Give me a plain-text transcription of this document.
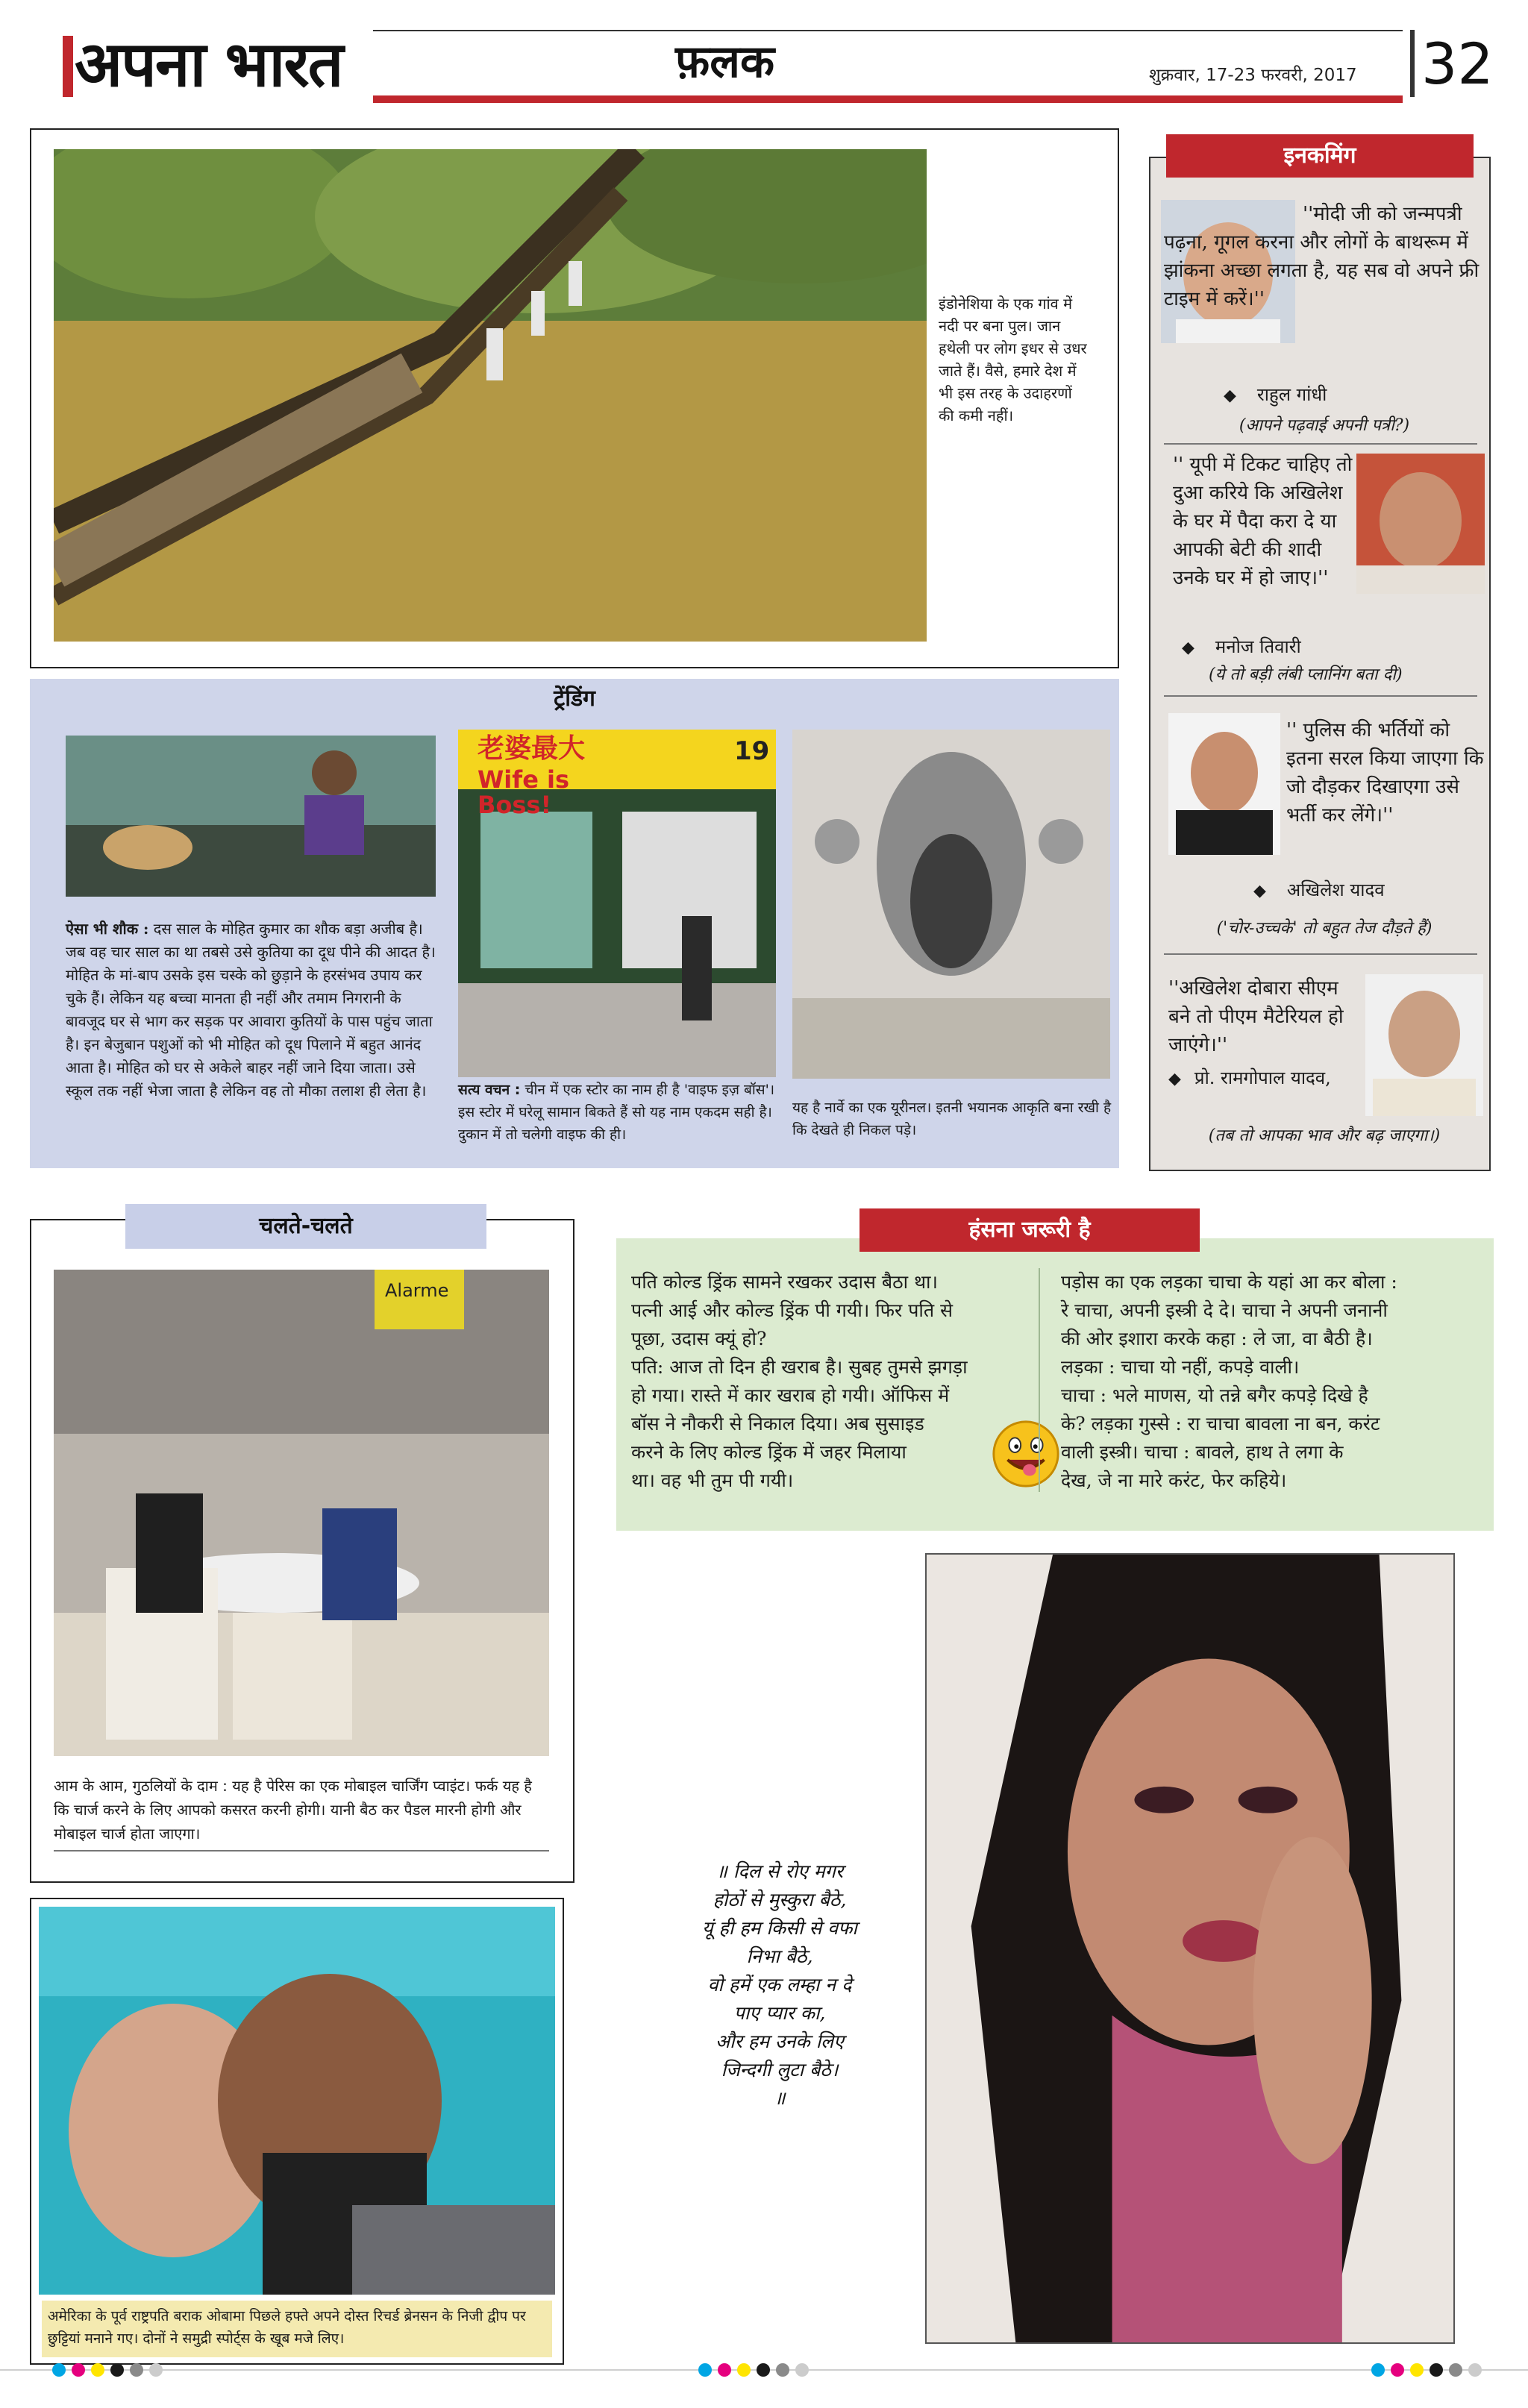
अपना भारत	फ़लक	शुक्रवार, 17-23 फरवरी, 2017 32
इंडोनेशिया के एक गांव में नदी पर बना पुल। जान हथेली पर लोग इधर से उधर जाते हैं। वैसे, हमारे देश में भी इस तरह के उदाहरणों की कमी नहीं।
ट्रेंडिंग
ऐसा भी शौक : दस साल के मोहित कुमार का शौक बड़ा अजीब है। जब वह चार साल का था तबसे उसे कुतिया का दूध पीने की आदत है। मोहित के मां-बाप उसके इस चस्के को छुड़ाने के हरसंभव उपाय कर चुके हैं। लेकिन यह बच्चा मानता ही नहीं और तमाम निगरानी के बावजूद घर से भाग कर सड़क पर आवारा कुतियों के पास पहुंच जाता है। इन बेजुबान पशुओं को भी मोहित को दूध पिलाने में बहुत आनंद आता है। मोहित को घर से अकेले बाहर नहीं जाने दिया जाता। उसे स्कूल तक नहीं भेजा जाता है लेकिन वह तो मौका तलाश ही लेता है।
老婆最大
Wife is Boss!
19
सत्य वचन : चीन में एक स्टोर का नाम ही है 'वाइफ इज़ बॉस'। इस स्टोर में घरेलू सामान बिकते हैं सो यह नाम एकदम सही है। दुकान में तो चलेगी वाइफ की ही।
यह है नार्वे का एक यूरीनल। इतनी भयानक आकृति बना रखी है कि देखते ही निकल पड़े।
इनकमिंग
''मोदी जी को जन्मपत्री पढ़ना, गूगल करना और लोगों के बाथरूम में झांकना अच्छा लगता है, यह सब वो अपने फ्री टाइम में करें।''
◆ राहुल गांधी
(आपने पढ़वाई अपनी पत्री?)
'' यूपी में टिकट चाहिए तो दुआ करिये कि अखिलेश के घर में पैदा करा दे या आपकी बेटी की शादी उनके घर में हो जाए।''
◆ मनोज तिवारी
(ये तो बड़ी लंबी प्लानिंग बता दी)
'' पुलिस की भर्तियों को इतना सरल किया जाएगा कि जो दौड़कर दिखाएगा उसे भर्ती कर लेंगे।''
◆ अखिलेश यादव
('चोर-उच्चके' तो बहुत तेज दौड़ते हैं)
''अखिलेश दोबारा सीएम बने तो पीएम मैटेरियल हो जाएंगे।''
◆ प्रो. रामगोपाल यादव,
(तब तो आपका भाव और बढ़ जाएगा।)
चलते-चलते
Alarme
आम के आम, गुठलियों के दाम : यह है पेरिस का एक मोबाइल चार्जिंग प्वाइंट। फर्क यह है कि चार्ज करने के लिए आपको कसरत करनी होगी। यानी बैठ कर पैडल मारनी होगी और मोबाइल चार्ज होता जाएगा।
अमेरिका के पूर्व राष्ट्रपति बराक ओबामा पिछले हफ्ते अपने दोस्त रिचर्ड ब्रेनसन के निजी द्वीप पर छुट्टियां मनाने गए। दोनों ने समुद्री स्पोर्ट्स के खूब मजे लिए।
हंसना जरूरी है
पति कोल्ड ड्रिंक सामने रखकर उदास बैठा था।
पत्नी आई और कोल्ड ड्रिंक पी गयी। फिर पति से
पूछा, उदास क्यूं हो?
पति: आज तो दिन ही खराब है। सुबह तुमसे झगड़ा
हो गया। रास्ते में कार खराब हो गयी। ऑफिस में
बॉस ने नौकरी से निकाल दिया। अब सुसाइड
करने के लिए कोल्ड ड्रिंक में जहर मिलाया
था। वह भी तुम पी गयी।
पड़ोस का एक लड़का चाचा के यहां आ कर बोला :
रे चाचा, अपनी इस्त्री दे दे। चाचा ने अपनी जनानी
की ओर इशारा करके कहा : ले जा, वा बैठी है।
लड़का : चाचा यो नहीं, कपड़े वाली।
चाचा : भले माणस, यो तन्ने बगैर कपड़े दिखे है
के? लड़का गुस्से : रा चाचा बावला ना बन, करंट
वाली इस्त्री। चाचा : बावले, हाथ ते लगा के
देख, जे ना मारे करंट, फेर कहिये।
॥ दिल से रोए मगर
होठों से मुस्कुरा बैठे,
यूं ही हम किसी से वफा
निभा बैठे,
वो हमें एक लम्हा न दे
पाए प्यार का,
और हम उनके लिए
जिन्दगी लुटा बैठे।
॥
